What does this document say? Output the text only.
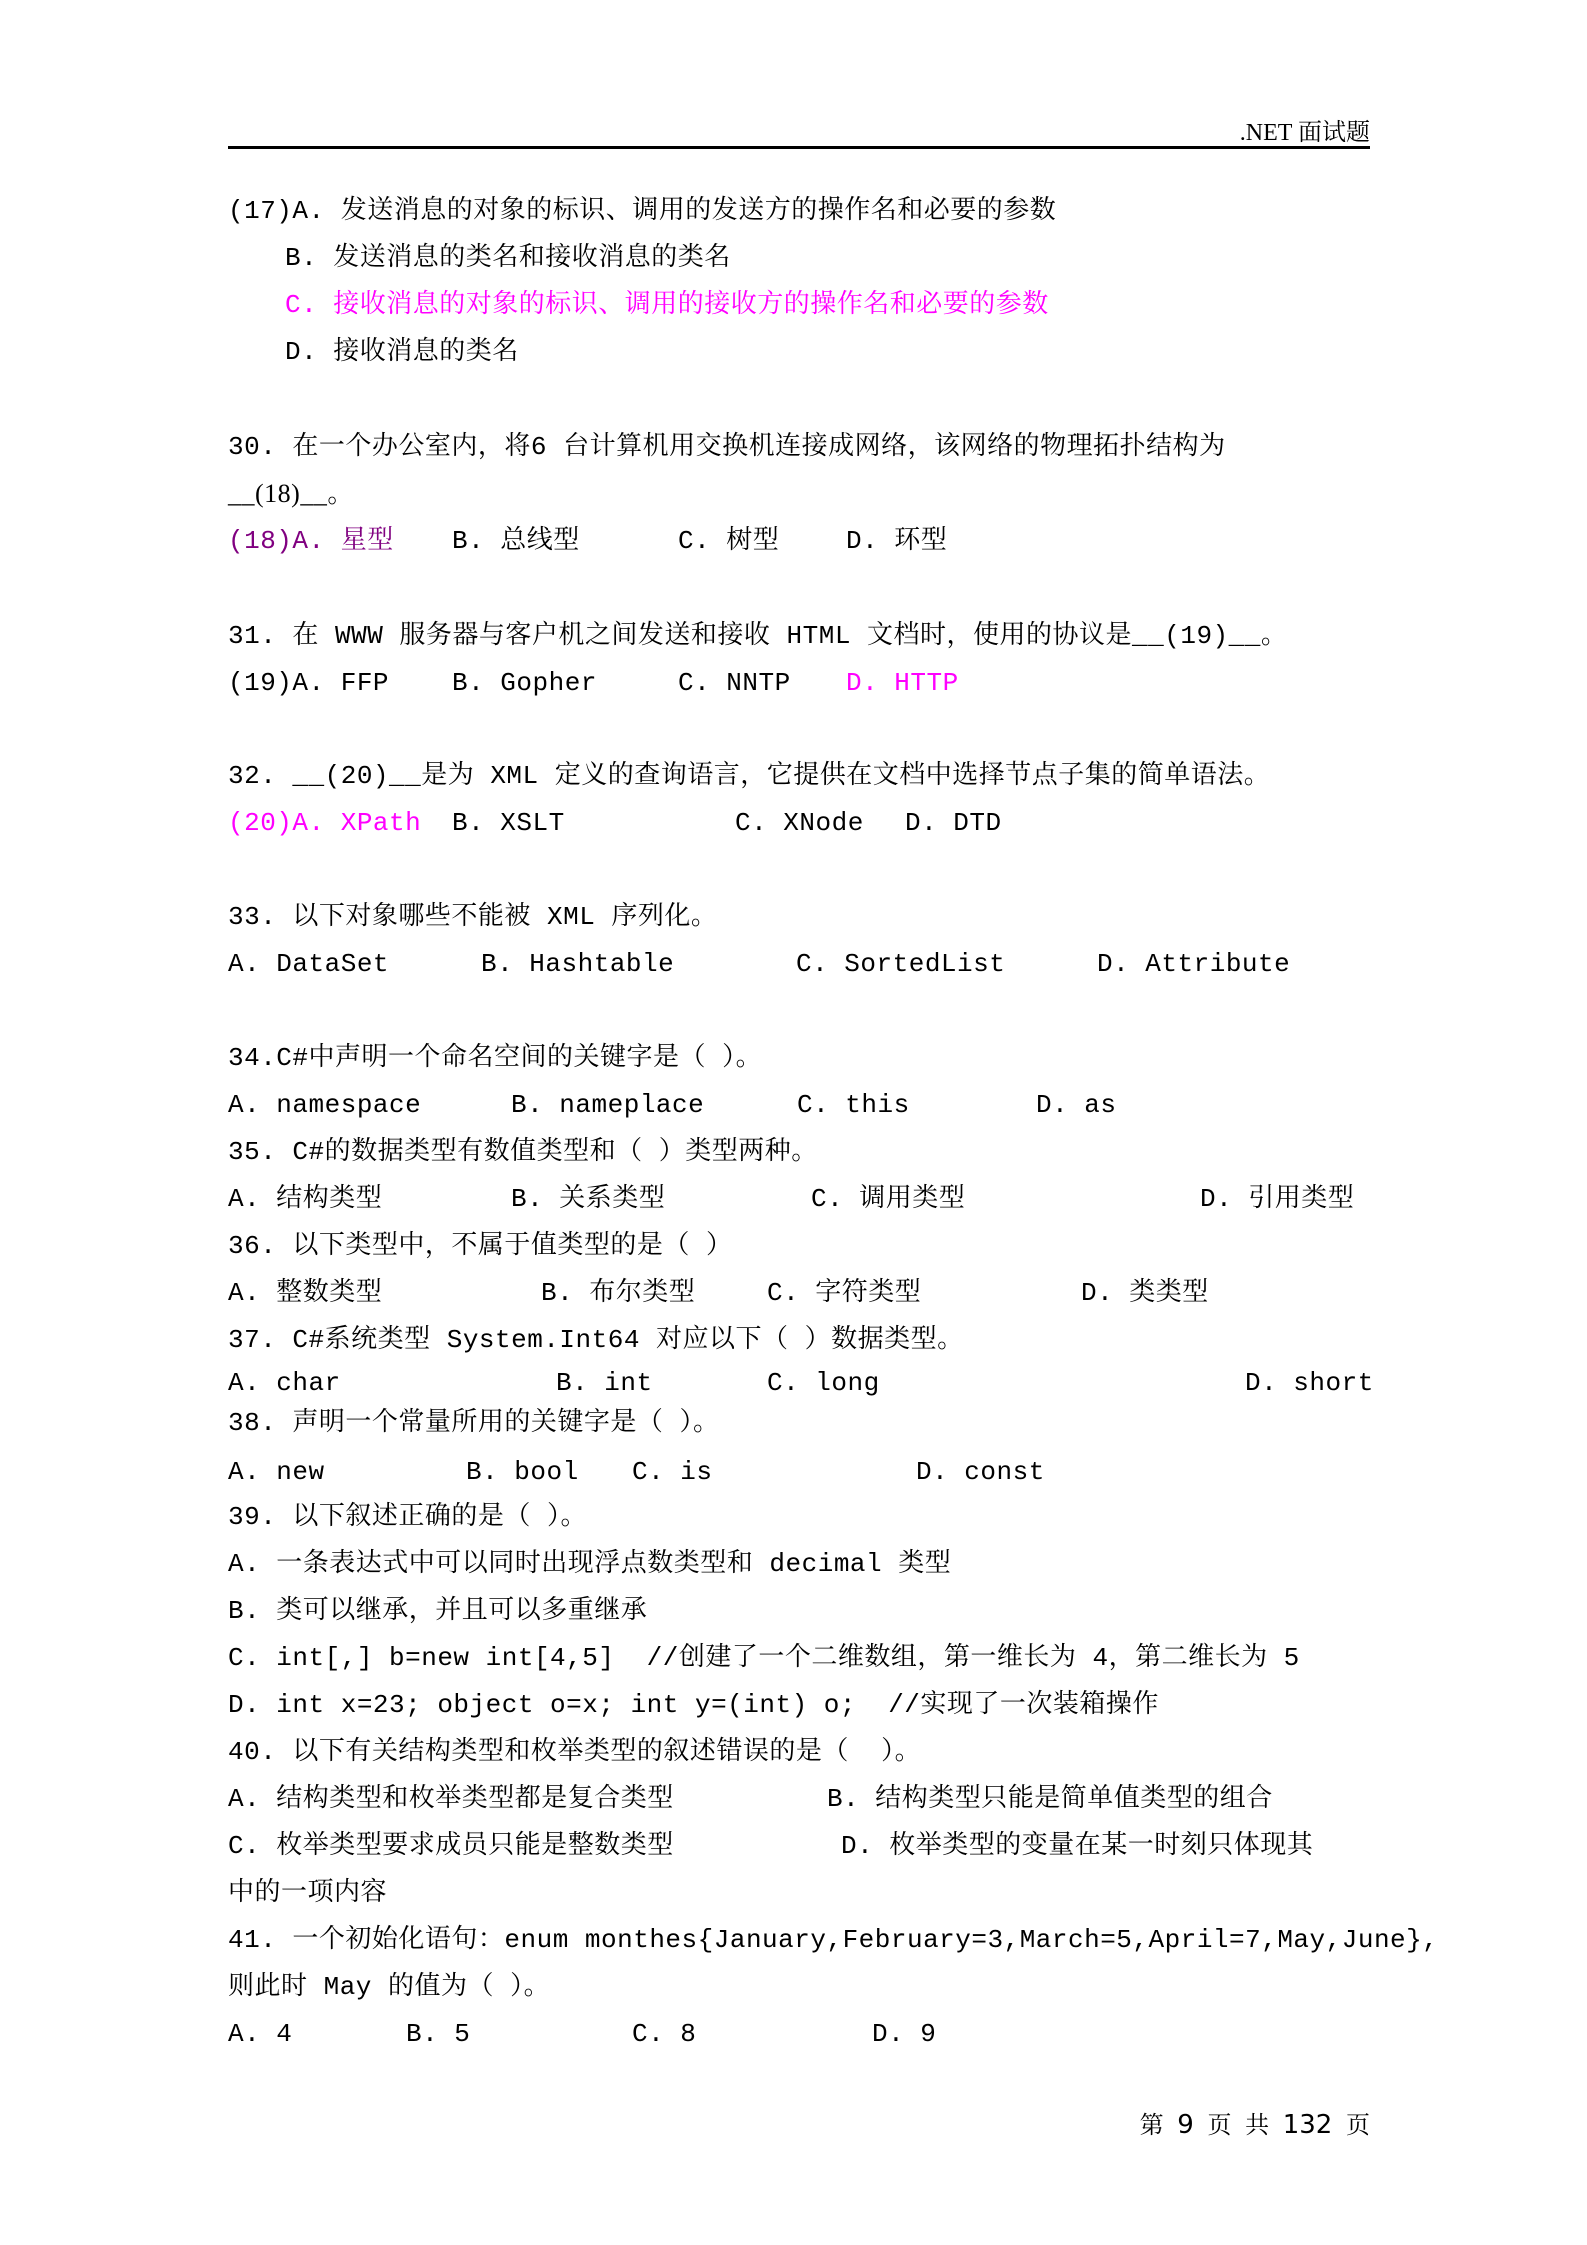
.NET 面试题
(17)A. 发送消息的对象的标识、调用的发送方的操作名和必要的参数
B. 发送消息的类名和接收消息的类名
C. 接收消息的对象的标识、调用的接收方的操作名和必要的参数
D. 接收消息的类名
30. 在一个办公室内，将6 台计算机用交换机连接成网络，该网络的物理拓扑结构为
__(18)__。
(18)A. 星型 B. 总线型	C. 树型	D. 环型
31. 在 WWW 服务器与客户机之间发送和接收 HTML 文档时，使用的协议是__(19)__。
(19)A. FFP B. Gopher	C. NNTP D. HTTP
32. __(20)__是为 XML 定义的查询语言，它提供在文档中选择节点子集的简单语法。
(20)A. XPath B. XSLT	C. XNode D. DTD
33. 以下对象哪些不能被 XML 序列化。
A. DataSet	B. Hashtable	C. SortedList	D. Attribute
34.C#中声明一个命名空间的关键字是（ ）。
A. namespace	B. nameplace	C. this	D. as
35. C#的数据类型有数值类型和（ ）类型两种。
A. 结构类型	B. 关系类型	C. 调用类型	D. 引用类型
36. 以下类型中，不属于值类型的是（ ）
A. 整数类型	B. 布尔类型	C. 字符类型	D. 类类型
37. C#系统类型 System.Int64 对应以下（ ）数据类型。
A. char	B. int	C. long	D. short
38. 声明一个常量所用的关键字是（ ）。
A. new	B. bool C. is	D. const
39. 以下叙述正确的是（ ）。
A. 一条表达式中可以同时出现浮点数类型和 decimal 类型
B. 类可以继承，并且可以多重继承
C. int[,] b=new int[4,5]  //创建了一个二维数组，第一维长为 4，第二维长为 5
D. int x=23; object o=x; int y=(int) o;  //实现了一次装箱操作
40. 以下有关结构类型和枚举类型的叙述错误的是（  ）。
A. 结构类型和枚举类型都是复合类型	B. 结构类型只能是简单值类型的组合
C. 枚举类型要求成员只能是整数类型	D. 枚举类型的变量在某一时刻只体现其
中的一项内容
41. 一个初始化语句：enum monthes{January,February=3,March=5,April=7,May,June},
则此时 May 的值为（ ）。
A. 4	B. 5	C. 8	D. 9
第 9 页 共 132 页
